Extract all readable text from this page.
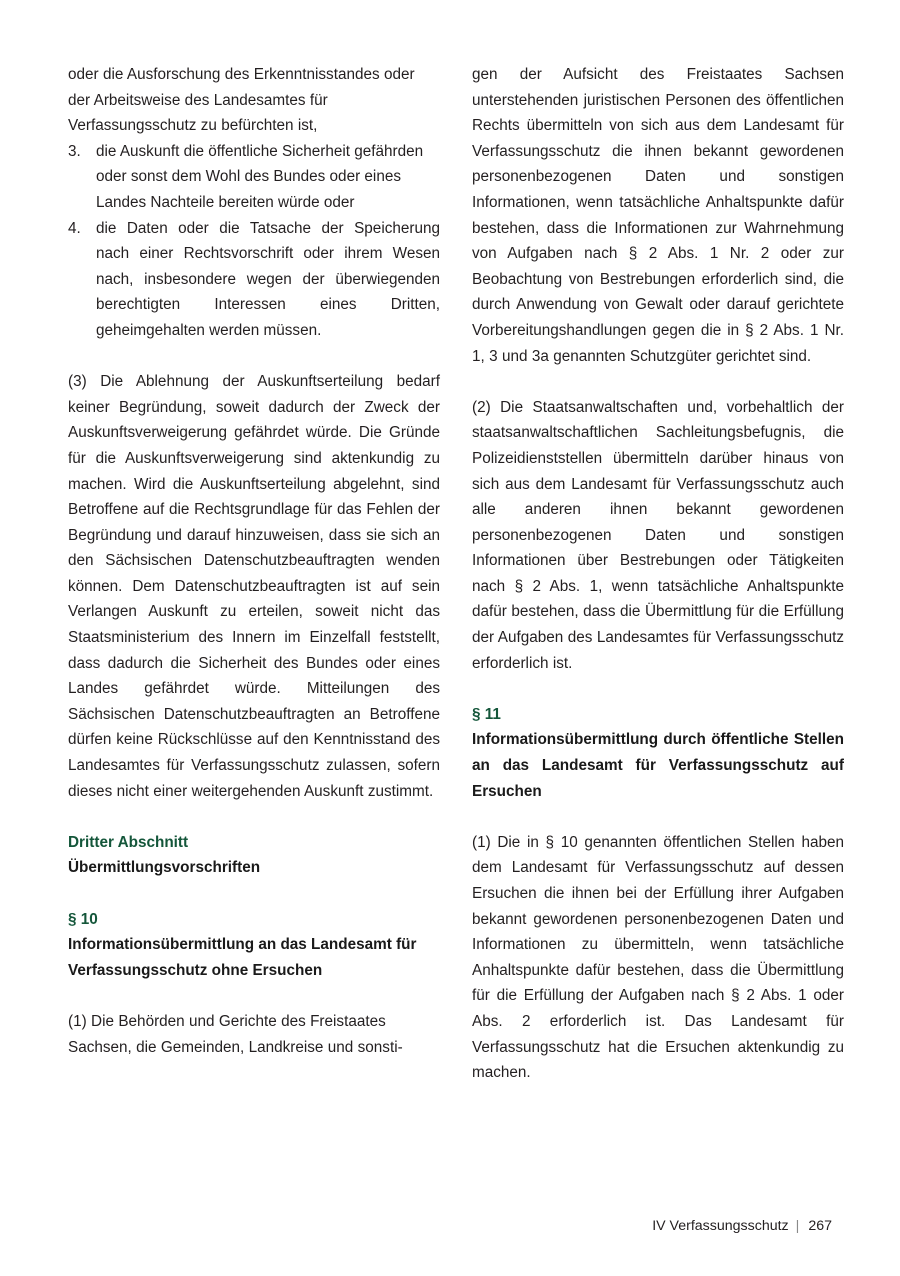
oder die Ausforschung des Erkenntnisstandes oder der Arbeitsweise des Landesamtes für Verfassungsschutz zu befürchten ist,

3. die Auskunft die öffentliche Sicherheit gefährden oder sonst dem Wohl des Bundes oder eines Landes Nachteile bereiten würde oder
4. die Daten oder die Tatsache der Speicherung nach einer Rechtsvorschrift oder ihrem Wesen nach, insbesondere wegen der überwiegenden berechtigten Interessen eines Dritten, geheimgehalten werden müssen.

(3) Die Ablehnung der Auskunftserteilung bedarf keiner Begründung, soweit dadurch der Zweck der Auskunftsverweigerung gefährdet würde. Die Gründe für die Auskunftsverweigerung sind aktenkundig zu machen. Wird die Auskunftserteilung abgelehnt, sind Betroffene auf die Rechtsgrundlage für das Fehlen der Begründung und darauf hinzuweisen, dass sie sich an den Sächsischen Datenschutzbeauftragten wenden können. Dem Datenschutzbeauftragten ist auf sein Verlangen Auskunft zu erteilen, soweit nicht das Staatsministerium des Innern im Einzelfall feststellt, dass dadurch die Sicherheit des Bundes oder eines Landes gefährdet würde. Mitteilungen des Sächsischen Datenschutzbeauftragten an Betroffene dürfen keine Rückschlüsse auf den Kenntnisstand des Landesamtes für Verfassungsschutz zulassen, sofern dieses nicht einer weitergehenden Auskunft zustimmt.

Dritter Abschnitt

Übermittlungsvorschriften

§ 10

Informationsübermittlung an das Landesamt für Verfassungsschutz ohne Ersuchen

(1) Die Behörden und Gerichte des Freistaates Sachsen, die Gemeinden, Landkreise und sonsti-

gen der Aufsicht des Freistaates Sachsen unterstehenden juristischen Personen des öffentlichen Rechts übermitteln von sich aus dem Landesamt für Verfassungsschutz die ihnen bekannt gewordenen personenbezogenen Daten und sonstigen Informationen, wenn tatsächliche Anhaltspunkte dafür bestehen, dass die Informationen zur Wahrnehmung von Aufgaben nach § 2 Abs. 1 Nr. 2 oder zur Beobachtung von Bestrebungen erforderlich sind, die durch Anwendung von Gewalt oder darauf gerichtete Vorbereitungshandlungen gegen die in § 2 Abs. 1 Nr. 1, 3 und 3a genannten Schutzgüter gerichtet sind.

(2) Die Staatsanwaltschaften und, vorbehaltlich der staatsanwaltschaftlichen Sachleitungsbefugnis, die Polizeidienststellen übermitteln darüber hinaus von sich aus dem Landesamt für Verfassungsschutz auch alle anderen ihnen bekannt gewordenen personenbezogenen Daten und sonstigen Informationen über Bestrebungen oder Tätigkeiten nach § 2 Abs. 1, wenn tatsächliche Anhaltspunkte dafür bestehen, dass die Übermittlung für die Erfüllung der Aufgaben des Landesamtes für Verfassungsschutz erforderlich ist.

§ 11

Informationsübermittlung durch öffentliche Stellen an das Landesamt für Verfassungsschutz auf Ersuchen

(1) Die in § 10 genannten öffentlichen Stellen haben dem Landesamt für Verfassungsschutz auf dessen Ersuchen die ihnen bei der Erfüllung ihrer Aufgaben bekannt gewordenen personenbezogenen Daten und Informationen zu übermitteln, wenn tatsächliche Anhaltspunkte dafür bestehen, dass die Übermittlung für die Erfüllung der Aufgaben nach § 2 Abs. 1 oder Abs. 2 erforderlich ist. Das Landesamt für Verfassungsschutz hat die Ersuchen aktenkundig zu machen.

IV Verfassungsschutz | 267
